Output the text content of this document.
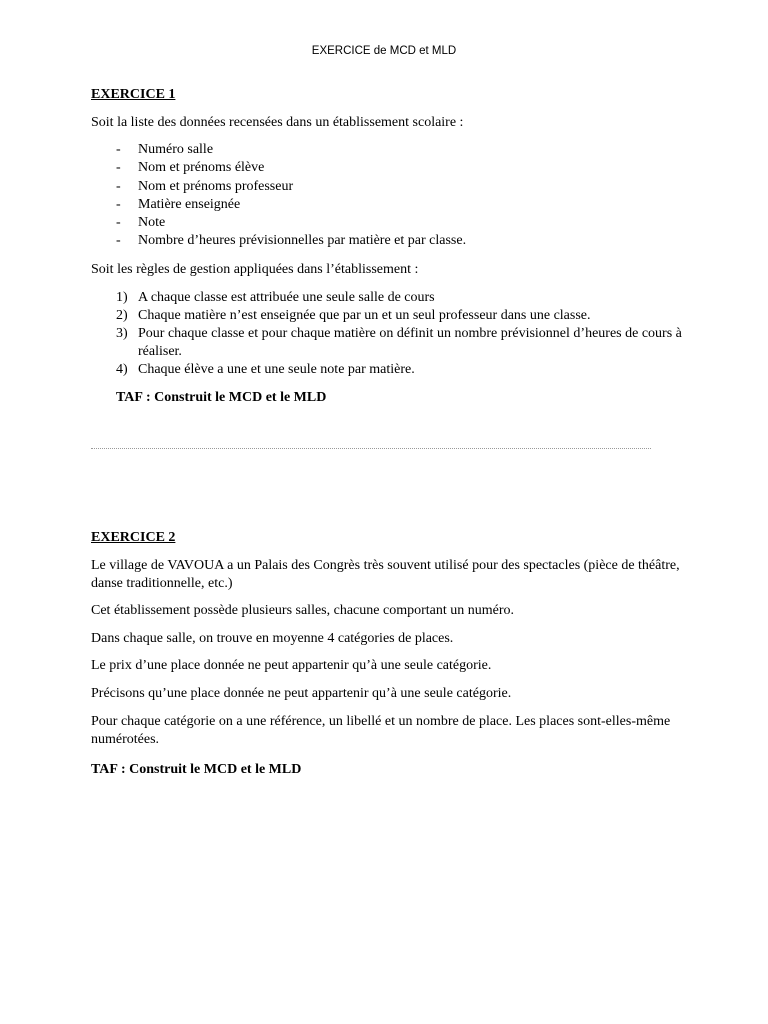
EXERCICE de MCD et MLD
EXERCICE 1
Soit la liste des données recensées dans un établissement scolaire :
- Numéro salle
- Nom et prénoms élève
- Nom et prénoms professeur
- Matière enseignée
- Note
- Nombre d’heures prévisionnelles par matière et par classe.
Soit les règles de gestion appliquées dans l’établissement :
1) A chaque classe est attribuée une seule salle de cours
2) Chaque matière n’est enseignée que par un et un seul professeur dans une classe.
3) Pour chaque classe et pour chaque matière on définit un nombre prévisionnel d’heures de cours à réaliser.
4) Chaque élève a une et une seule note par matière.
TAF : Construit le MCD et le MLD
EXERCICE 2
Le village de VAVOUA a un Palais des Congrès très souvent utilisé pour des spectacles (pièce de théâtre, danse traditionnelle, etc.)
Cet établissement possède plusieurs salles, chacune comportant un numéro.
Dans chaque salle, on trouve en moyenne 4 catégories de places.
Le prix d’une place donnée ne peut appartenir qu’à une seule catégorie.
Précisons qu’une place donnée ne peut appartenir qu’à une seule catégorie.
Pour chaque catégorie on a une référence, un libellé et un nombre de place. Les places sont-elles-même numérotées.
TAF : Construit le MCD et le MLD
